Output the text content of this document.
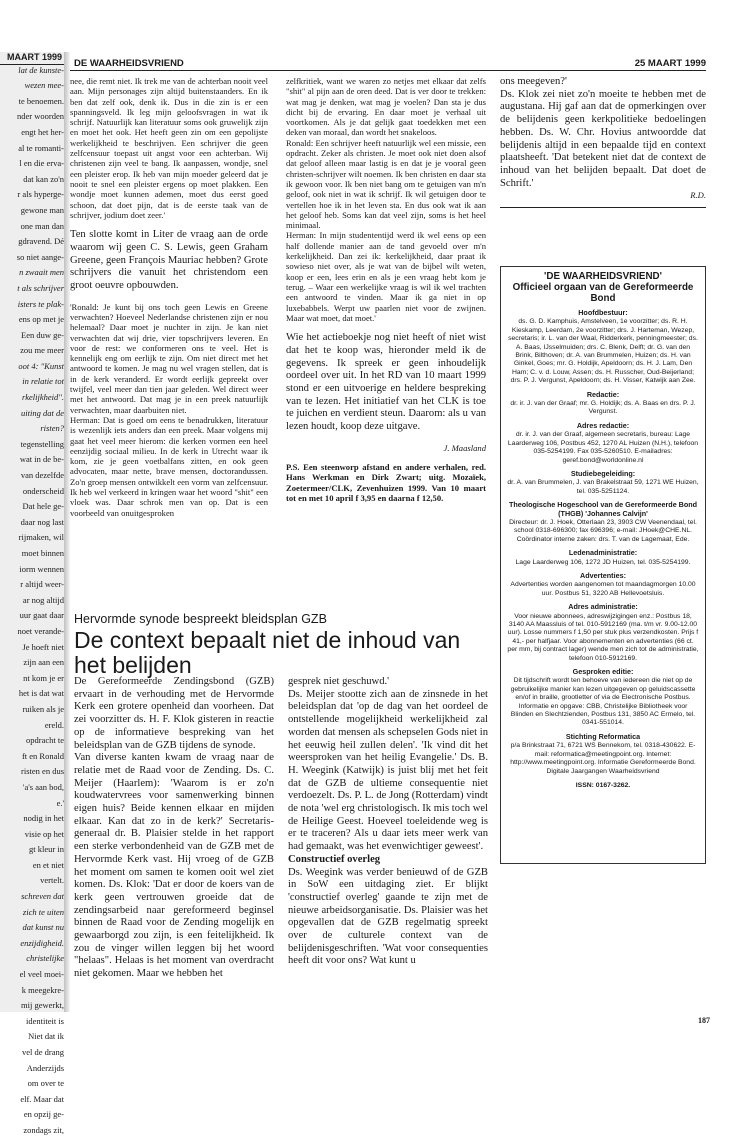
MAART 1999

lat de kunste-

wezen mee-

te benoemen.

nder woorden

engt het her-

al te romanti-

l en die erva-

dat kan zo'n

r als hyperge-

gewone man

one man dan

gdravend. Dé

so niet aange-

n zwaait men

t als schrijver

isters te plak-

ens op met je

Een duw ge-

zou me meer

oot 4: "Kunst

in relatie tot

rkelijkheid".

uiting dat de

risten?

tegenstelling

wat in de be-

van dezelfde

onderscheid

Dat hele ge-

daar nog last

rijmaken, wil

moet binnen

iorm wennen

r altijd weer-

ar nog altijd

uur gaat daar

noet verande-

Je hoeft niet

zijn aan een

nt kom je er

het is dat wat

ruiken als je

ereld.

opdracht te

ft en Ronald

risten en dus

'a's aan bod,

e.'

nodig in het

visie op het

gt kleur in

en et niet

vertelt.

schreven dat

zich te uiten

dat kunst nu

enzijdigheid.

christelijke

el veel moei-

k meegekre-

mij gewerkt,

identiteit is

Niet dat ik

vel de drang

Anderzijds

om over te

elf. Maar dat

en opzij ge-

zondags zit,

DE WAARHEIDSVRIEND	25 MAART 1999

nee, die remt niet. Ik trek me van de achterban nooit veel aan. Mijn personages zijn altijd buitenstaanders. En ik ben dat zelf ook, denk ik. Dus in die zin is er een spanningsveld. Ik leg mijn geloofsvragen in wat ik schrijf. Natuurlijk kan literatuur soms ook gruwelijk zijn en moet het ook. Het heeft geen zin om een gepolijste werkelijkheid te beschrijven. Een schrijver die geen zelfcensuur toepast uit angst voor een achterban. Wij christenen zijn veel te bang. Ik aanpassen, wondje, snel een pleister erop. Ik heb van mijn moeder geleerd dat je nooit te snel een pleister ergens op moet plakken. Een wondje moet kunnen ademen, moet dus eerst goed schoon, dat doet pijn, dat is de eerste taak van de schrijver, jodium doet zeer.'

Ten slotte komt in Liter de vraag aan de orde waarom wij geen C. S. Lewis, geen Graham Greene, geen François Mauriac hebben? Grote schrijvers die vanuit het christendom een groot oeuvre opbouwden.

'Ronald: Je kunt bij ons toch geen Lewis en Greene verwachten? Hoeveel Nederlandse christenen zijn er nou helemaal? Daar moet je nuchter in zijn. Je kan niet verwachten dat wij drie, vier topschrijvers leveren. En voor de rest: we conformeren ons te veel. Het is kennelijk eng om eerlijk te zijn. Om niet direct met het antwoord te komen. Je mag nu wel vragen stellen, dat is in de kerk veranderd. Er wordt eerlijk gepreekt over twijfel, veel meer dan tien jaar geleden. Wel direct weer met het antwoord. Dat mag je in een preek natuurlijk verwachten, maar daarbuiten niet.

Herman: Dat is goed om eens te benadrukken, literatuur is wezenlijk iets anders dan een preek. Maar volgens mij gaat het veel meer hierom: die kerken vormen een heel eenzijdig sociaal milieu. In de kerk in Utrecht waar ik kom, zie je geen voetbalfans zitten, en ook geen advocaten, maar nette, brave mensen, doctorandussen. Zo'n groep mensen ontwikkelt een vorm van zelfcensuur. Ik heb wel verkeerd in kringen waar het woord "shit" een vloek was. Daar schrok men van op. Dat is een voorbeeld van onuitgesproken

zelfkritiek, want we waren zo netjes met elkaar dat zelfs "shit" al pijn aan de oren deed. Dat is ver door te trekken: wat mag je denken, wat mag je voelen? Dan sta je dus dicht bij de ervaring. En daar moet je verhaal uit voortkomen. Als je dat gelijk gaat toedekken met een deken van moraal, dan wordt het snakeloos.

Ronald: Een schrijver heeft natuurlijk wel een missie, een opdracht. Zeker als christen. Je moet ook niet doen alsof dat geloof alleen maar lastig is en dat je je vooral geen christen-schrijver wilt noemen. Ik ben christen en daar sta ik gewoon voor. Ik ben niet bang om te getuigen van m'n geloof, ook niet in wat ik schrijf. Ik wil getuigen door te vertellen hoe ik in het leven sta. En dus ook wat ik aan het geloof heb. Soms kan dat veel zijn, soms is het heel minimaal.

Herman: In mijn studententijd werd ik wel eens op een half dollende manier aan de tand gevoeld over m'n kerkelijkheid. Dan zei ik: kerkelijkheid, daar praat ik sowieso niet over, als je wat van de bijbel wilt weten, koop er een, lees erin en als je een vraag hebt kom je terug. – Waar een werkelijke vraag is wil ik wel trachten een antwoord te vinden. Maar ik ga niet in op luxebabbels. Werpt uw paarlen niet voor de zwijnen. Maar wat moet, dat moet.'

Wie het actieboekje nog niet heeft of niet wist dat het te koop was, hieronder meld ik de gegevens. Ik spreek er geen inhoudelijk oordeel over uit. In het RD van 10 maart 1999 stond er een uitvoerige en heldere bespreking van te lezen. Het initiatief van het CLK is toe te juichen en verdient steun. Daarom: als u van lezen houdt, koop deze uitgave.

J. Maasland

P.S. Een steenworp afstand en andere verhalen, red. Hans Werkman en Dirk Zwart; uitg. Mozaïek, Zoetermeer/CLK, Zevenhuizen 1999. Van 10 maart tot en met 10 april f 3,95 en daarna f 12,50.

ons meegeven?'

Ds. Klok zei niet zo'n moeite te hebben met de augustana. Hij gaf aan dat de opmerkingen over de belijdenis geen kerkpolitieke bedoelingen hebben. Ds. W. Chr. Hovius antwoordde dat belijdenis altijd in een bepaalde tijd en context plaatsheeft. 'Dat betekent niet dat de context de inhoud van het belijden bepaalt. Dat doet de Schrift.'

R.D.

'DE WAARHEIDSVRIEND'
Officieel orgaan van de Gereformeerde Bond
Hoofdbestuur:
ds. G. D. Kamphuis, Amstelveen, 1e voorzitter; ds. R. H. Kieskamp, Leerdam, 2e voorzitter; drs. J. Harteman, Wezep, secretaris; ir. L. van der Waal, Ridderkerk, penningmeester; ds. A. Baas, IJsselmuiden; drs. C. Blenk, Delft; dr. G. van den Brink, Bilthoven; dr. A. van Brummelen, Huizen; ds. H. van Ginkel, Goes; mr. G. Holdijk, Apeldoorn; ds. H. J. Lam, Den Ham; C. v. d. Louw, Assen; ds. H. Russcher, Oud-Beijerland; drs. P. J. Vergunst, Apeldoorn; ds. H. Visser, Katwijk aan Zee.
Redactie:
dr. ir. J. van der Graaf; mr. G. Holdijk; ds. A. Baas en drs. P. J. Vergunst.
Adres redactie:
dr. ir. J. van der Graaf, algemeen secretaris, bureau: Lage Laarderweg 106, Postbus 452, 1270 AL Huizen (N.H.), telefoon 035-5254199. Fax 035-5260510. E-mailadres: geref.bond@worldonline.nl
Studiebegeleiding:
dr. A. van Brummelen, J. van Brakelstraat 59, 1271 WE Huizen, tel. 035-5251124.
Theologische Hogeschool van de Gereformeerde Bond (THGB) 'Johannes Calvijn'
Directeur: dr. J. Hoek, Otterlaan 23, 3903 CW Veenendaal, tel. school 0318-696300; fax 696396; e-mail: JHoek@CHE.NL. Coördinator interne zaken: drs. T. van de Lagemaat, Ede.
Ledenadministratie:
Lage Laarderweg 106, 1272 JD Huizen, tel. 035-5254199.
Advertenties:
Advertenties worden aangenomen tot maandagmorgen 10.00 uur. Postbus 51, 3220 AB Hellevoetsluis.
Adres administratie:
Voor nieuwe abonnees, adreswijzigingen enz.: Postbus 18, 3140 AA Maassluis of tel. 010-5912169 (ma. t/m vr. 9.00-12.00 uur). Losse nummers f 1,50 per stuk plus verzendkosten. Prijs f 41,- per halfjaar. Voor abonnementen en advertenties (66 ct. per mm, bij contract lager) wende men zich tot de administratie, telefoon 010-5912169.
Gesproken editie:
Dit tijdschrift wordt ten behoeve van iedereen die niet op de gebruikelijke manier kan lezen uitgegeven op geluidscassette en/of in braille, grootletter of via de Electronische Postbus. Informatie en opgave: CBB, Christelijke Bibliotheek voor Blinden en Slechtzienden, Postbus 131, 3850 AC Ermelo, tel. 0341-551014.
Stichting Reformatica
p/a Brinkstraat 71, 6721 WS Bennekom, tel. 0318-430622. E-mail: reformatica@meetingpoint.org. Internet: http://www.meetingpoint.org. Informatie Gereformeerde Bond. Digitale Jaargangen Waarheidsvriend
ISSN: 0167-3262.
Hervormde synode bespreekt bleidsplan GZB
De context bepaalt niet de inhoud van het belijden

De Gereformeerde Zendingsbond (GZB) ervaart in de verhouding met de Hervormde Kerk een grotere openheid dan voorheen. Dat zei voorzitter ds. H. F. Klok gisteren in reactie op de informatieve bespreking van het beleidsplan van de GZB tijdens de synode.

Van diverse kanten kwam de vraag naar de relatie met de Raad voor de Zending. Ds. C. Meijer (Haarlem): 'Waarom is er zo'n koudwatervrees voor samenwerking binnen eigen huis? Beide kennen elkaar en mijden elkaar. Kan dat zo in de kerk?' Secretaris-generaal dr. B. Plaisier stelde in het rapport een sterke verbondenheid van de GZB met de Hervormde Kerk vast. Hij vroeg of de GZB het moment om samen te komen ooit wel ziet komen. Ds. Klok: 'Dat er door de koers van de kerk geen vertrouwen groeide dat de zendingsarbeid naar gereformeerd beginsel binnen de Raad voor de Zending mogelijk en gewaarborgd zou zijn, is een feitelijkheid. Ik zou de vinger willen leggen bij het woord "helaas". Helaas is het moment van overdracht niet gekomen. Maar we hebben het

gesprek niet geschuwd.'

Ds. Meijer stootte zich aan de zinsnede in het beleidsplan dat 'op de dag van het oordeel de ontstellende mogelijkheid werkelijkheid zal worden dat mensen als schepselen Gods niet in het eeuwig heil zullen delen'. 'Ik vind dit het weersproken van het heilig Evangelie.' Ds. B. H. Weegink (Katwijk) is juist blij met het feit dat de GZB de ultieme consequentie niet verdoezelt. Ds. P. L. de Jong (Rotterdam) vindt de nota 'wel erg christologisch. Ik mis toch wel de Heilige Geest. Hoeveel toeleidende weg is er te traceren? Als u daar iets meer werk van had gemaakt, was het evenwichtiger geweest'.

Constructief overleg

Ds. Weegink was verder benieuwd of de GZB in SoW een uitdaging ziet. Er blijkt 'constructief overleg' gaande te zijn met de nieuwe arbeidsorganisatie. Ds. Plaisier was het opgevallen dat de GZB regelmatig spreekt over de culturele context van de belijdenisgeschriften. 'Wat voor consequenties heeft dit voor ons? Wat kunt u

187
